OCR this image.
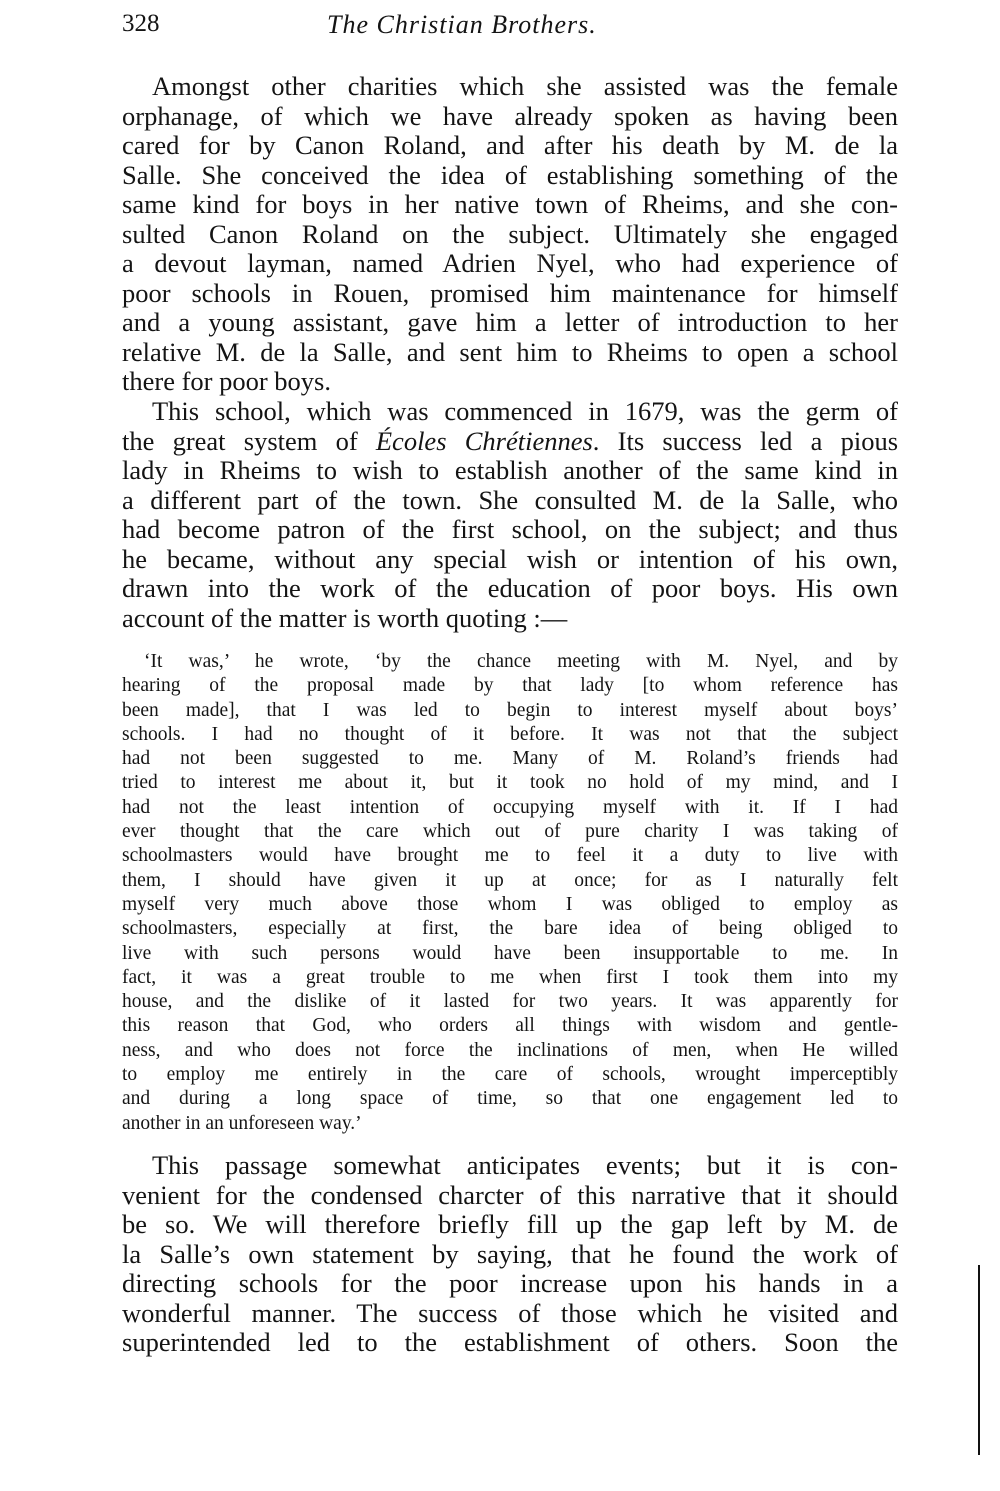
328	The Christian Brothers.
Amongst other charities which she assisted was the female
orphanage, of which we have already spoken as having been
cared for by Canon Roland, and after his death by M. de la
Salle. She conceived the idea of establishing something of the
same kind for boys in her native town of Rheims, and she con-
sulted Canon Roland on the subject. Ultimately she engaged
a devout layman, named Adrien Nyel, who had experience of
poor schools in Rouen, promised him maintenance for himself
and a young assistant, gave him a letter of introduction to her
relative M. de la Salle, and sent him to Rheims to open a school
there for poor boys.
This school, which was commenced in 1679, was the germ of
the great system of Écoles Chrétiennes. Its success led a pious
lady in Rheims to wish to establish another of the same kind in
a different part of the town. She consulted M. de la Salle, who
had become patron of the first school, on the subject; and thus
he became, without any special wish or intention of his own,
drawn into the work of the education of poor boys. His own
account of the matter is worth quoting :—
‘It was,’ he wrote, ‘by the chance meeting with M. Nyel, and by
hearing of the proposal made by that lady [to whom reference has
been made], that I was led to begin to interest myself about boys’
schools. I had no thought of it before. It was not that the subject
had not been suggested to me. Many of M. Roland’s friends had
tried to interest me about it, but it took no hold of my mind, and I
had not the least intention of occupying myself with it. If I had
ever thought that the care which out of pure charity I was taking of
schoolmasters would have brought me to feel it a duty to live with
them, I should have given it up at once; for as I naturally felt
myself very much above those whom I was obliged to employ as
schoolmasters, especially at first, the bare idea of being obliged to
live with such persons would have been insupportable to me. In
fact, it was a great trouble to me when first I took them into my
house, and the dislike of it lasted for two years. It was apparently for
this reason that God, who orders all things with wisdom and gentle-
ness, and who does not force the inclinations of men, when He willed
to employ me entirely in the care of schools, wrought imperceptibly
and during a long space of time, so that one engagement led to
another in an unforeseen way.’
This passage somewhat anticipates events; but it is con-
venient for the condensed charcter of this narrative that it should
be so. We will therefore briefly fill up the gap left by M. de
la Salle’s own statement by saying, that he found the work of
directing schools for the poor increase upon his hands in a
wonderful manner. The success of those which he visited and
superintended led to the establishment of others. Soon the
